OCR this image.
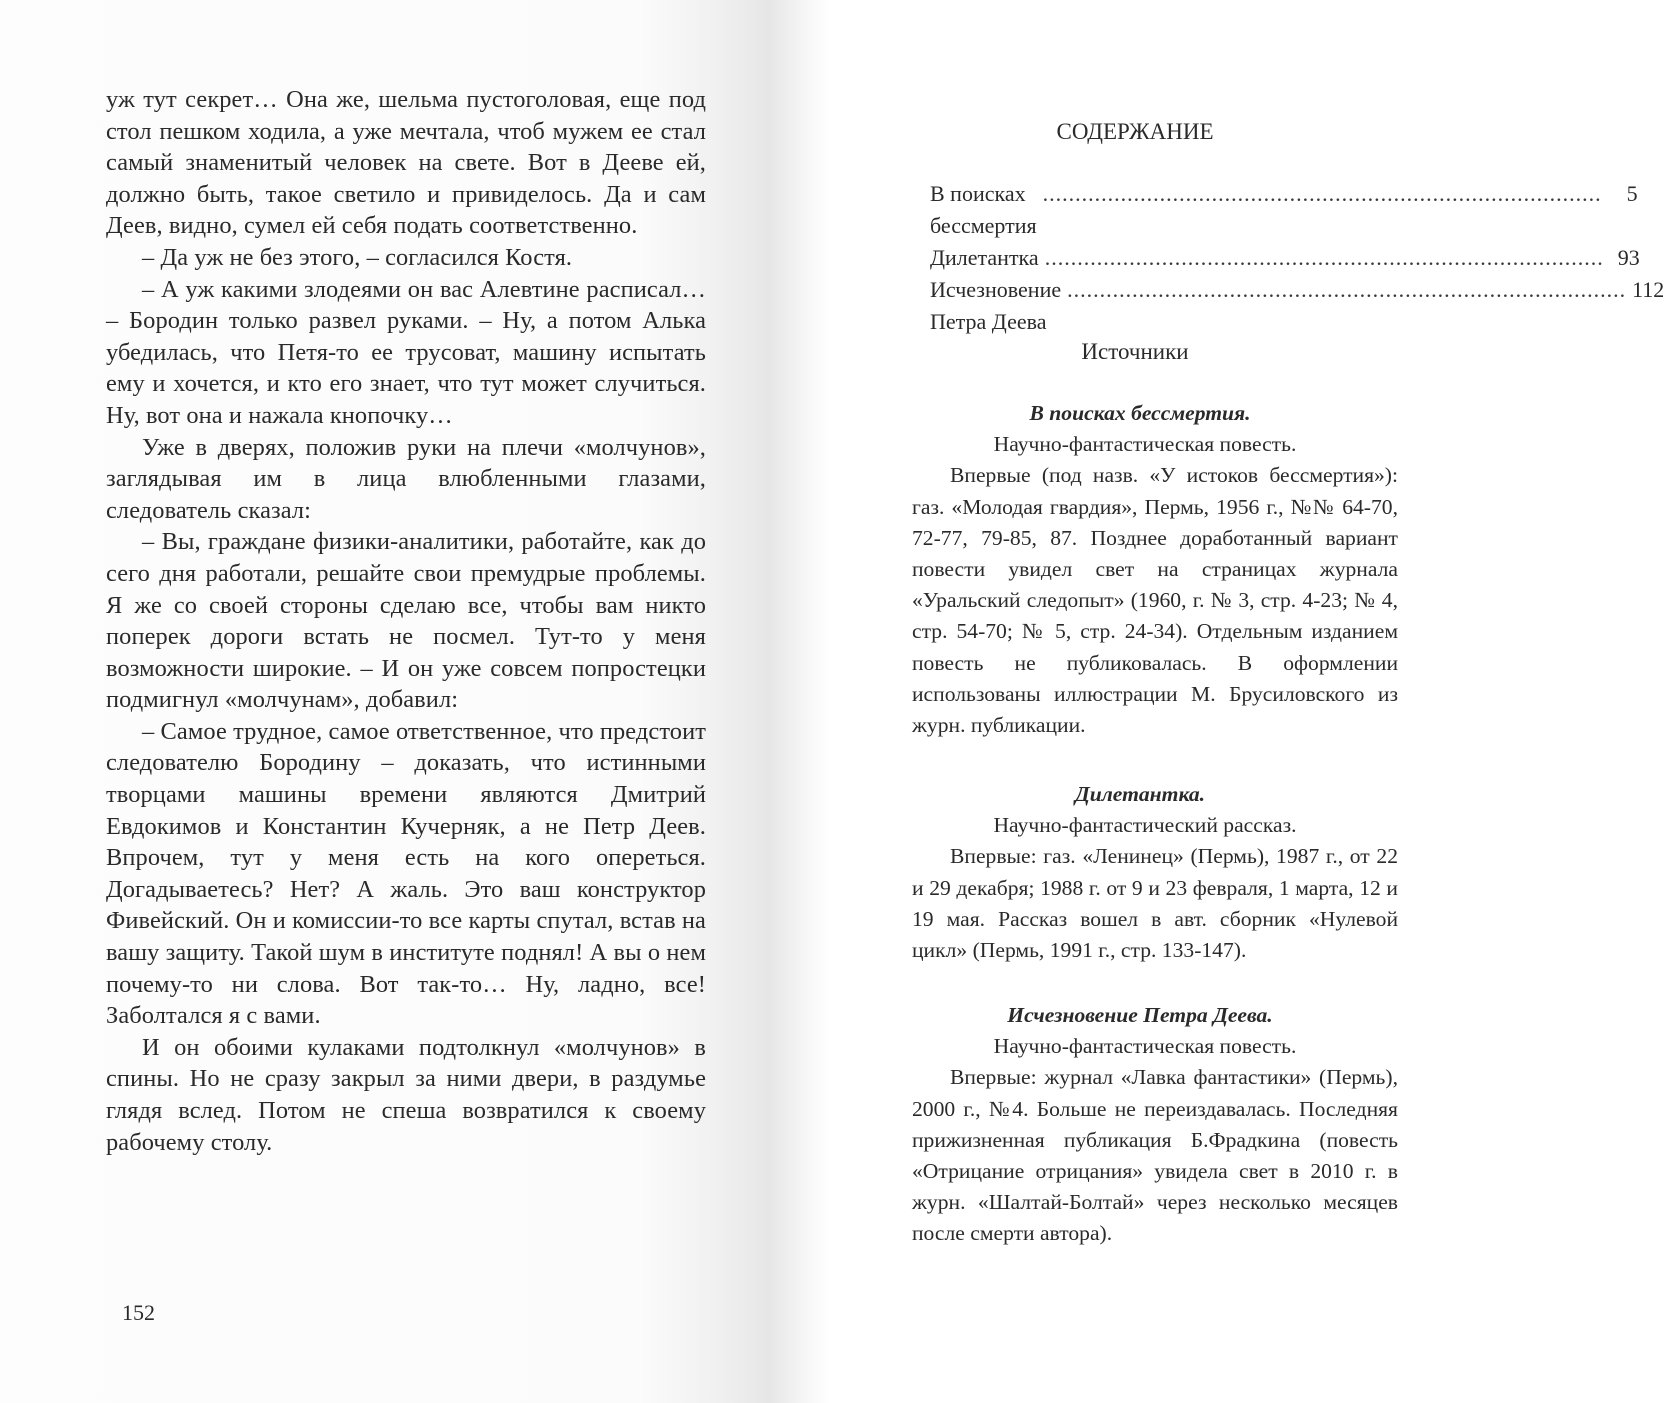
уж тут секрет… Она же, шельма пустоголовая, еще под стол пешком ходила, а уже мечтала, чтоб мужем ее стал самый знаменитый человек на свете. Вот в Дееве ей, должно быть, такое светило и привиделось. Да и сам Деев, видно, сумел ей себя подать соответственно.

– Да уж не без этого, – согласился Костя.

– А уж какими злодеями он вас Алевтине расписал… – Бородин только развел руками. – Ну, а потом Алька убедилась, что Петя-то ее трусоват, машину испытать ему и хочется, и кто его знает, что тут может случиться. Ну, вот она и нажала кнопочку…

Уже в дверях, положив руки на плечи «молчунов», заглядывая им в лица влюбленными глазами, следователь сказал:

– Вы, граждане физики-аналитики, работайте, как до сего дня работали, решайте свои премудрые проблемы. Я же со своей стороны сделаю все, чтобы вам никто поперек дороги встать не посмел. Тут-то у меня возможности широкие. – И он уже совсем попростецки подмигнул «молчунам», добавил:

– Самое трудное, самое ответственное, что предстоит следователю Бородину – доказать, что истинными творцами машины времени являются Дмитрий Евдокимов и Константин Кучерняк, а не Петр Деев. Впрочем, тут у меня есть на кого опереться. Догадываетесь? Нет? А жаль. Это ваш конструктор Фивейский. Он и комиссии-то все карты спутал, встав на вашу защиту. Такой шум в институте поднял! А вы о нем почему-то ни слова. Вот так-то… Ну, ладно, все! Заболтался я с вами.

И он обоими кулаками подтолкнул «молчунов» в спины. Но не сразу закрыл за ними двери, в раздумье глядя вслед. Потом не спеша возвратился к своему рабочему столу.

152
СОДЕРЖАНИЕ
В поисках бессмертия
......................................................................................	5
Дилетантка ...................................................................................... 93
Исчезновение Петра Деева
...................................................................................... 112
Источники
В поисках бессмертия.
Научно-фантастическая повесть.
Впервые (под назв. «У истоков бессмертия»): газ. «Молодая гвардия», Пермь, 1956 г., №№ 64-70, 72-77, 79-85, 87. Позднее доработанный вариант повести увидел свет на страницах журнала «Уральский следопыт» (1960, г. № 3, стр. 4-23; № 4, стр. 54-70; № 5, стр. 24-34). Отдельным изданием повесть не публиковалась. В оформлении использованы иллюстрации М. Брусиловского из журн. публикации.
Дилетантка.
Научно-фантастический рассказ.
Впервые: газ. «Ленинец» (Пермь), 1987 г., от 22 и 29 декабря; 1988 г. от 9 и 23 февраля, 1 марта, 12 и 19 мая. Рассказ вошел в авт. сборник «Нулевой цикл» (Пермь, 1991 г., стр. 133-147).
Исчезновение Петра Деева.
Научно-фантастическая повесть.
Впервые: журнал «Лавка фантастики» (Пермь), 2000 г., №4. Больше не переиздавалась. Последняя прижизненная публикация Б.Фрадкина (повесть «Отрицание отрицания» увидела свет в 2010 г. в журн. «Шалтай-Болтай» через несколько месяцев после смерти автора).
